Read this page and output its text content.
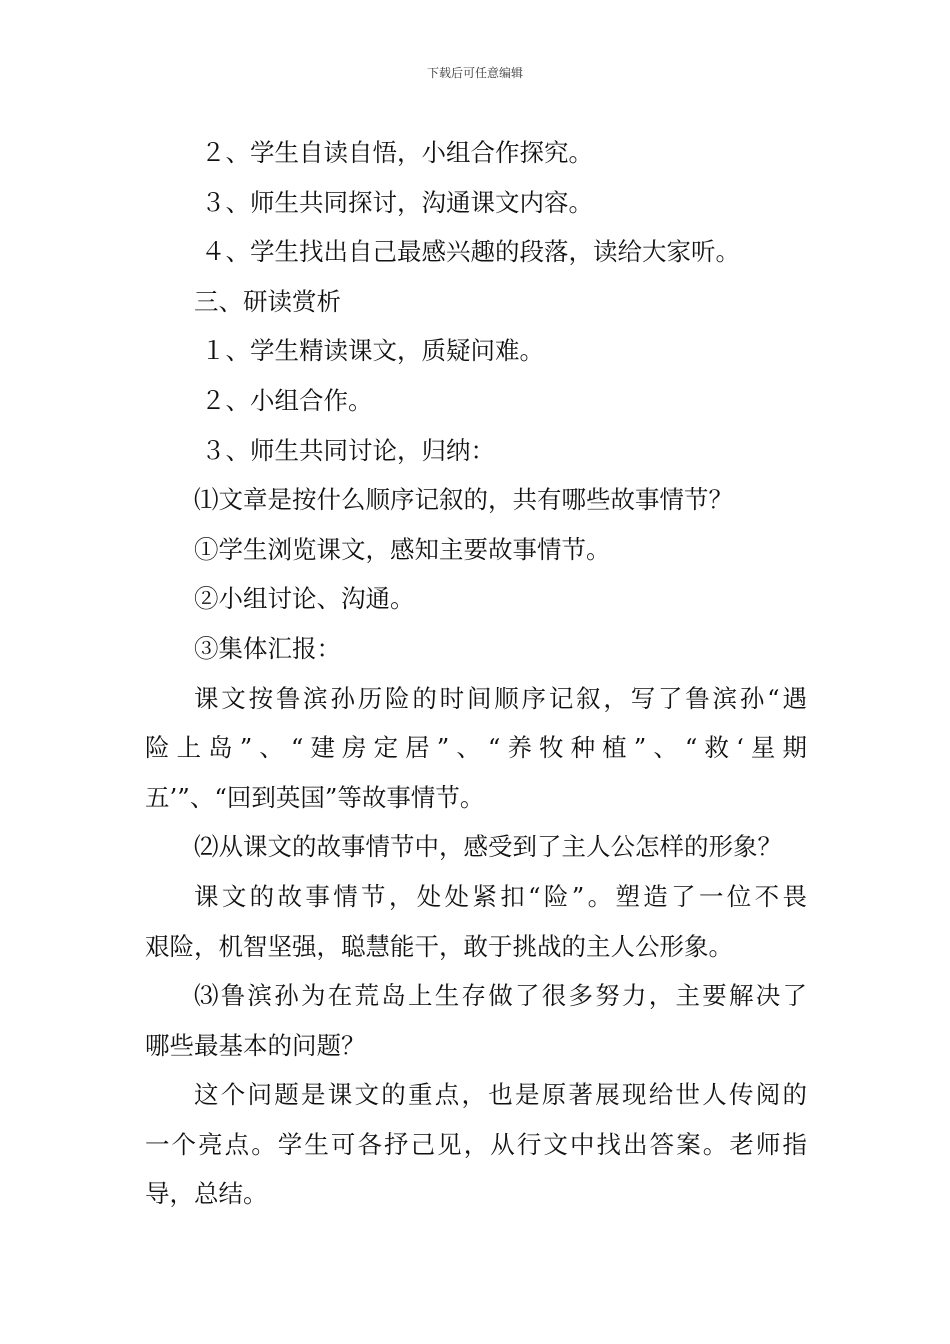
下载后可任意编辑
２、学生自读自悟，小组合作探究。
３、师生共同探讨，沟通课文内容。
４、学生找出自己最感兴趣的段落，读给大家听。
三、研读赏析
１、学生精读课文，质疑问难。
２、小组合作。
３、师生共同讨论，归纳：
⑴文章是按什么顺序记叙的，共有哪些故事情节？
①学生浏览课文，感知主要故事情节。
②小组讨论、沟通。
③集体汇报：
课文按鲁滨孙历险的时间顺序记叙，写了鲁滨孙“遇
险上岛”、“建房定居”、“养牧种植”、“救‘星期
五’”、“回到英国”等故事情节。
⑵从课文的故事情节中，感受到了主人公怎样的形象？
课文的故事情节，处处紧扣“险”。塑造了一位不畏
艰险，机智坚强，聪慧能干，敢于挑战的主人公形象。
⑶鲁滨孙为在荒岛上生存做了很多努力，主要解决了
哪些最基本的问题？
这个问题是课文的重点，也是原著展现给世人传阅的
一个亮点。学生可各抒己见，从行文中找出答案。老师指
导，总结。
